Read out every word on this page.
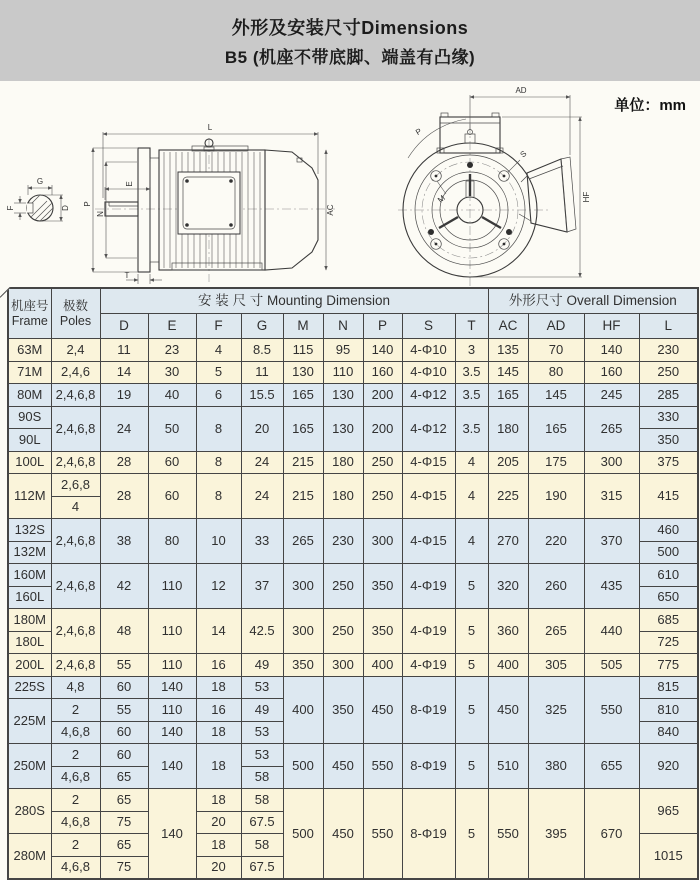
外形及安装尺寸Dimensions
B5 (机座不带底脚、端盖有凸缘)
单位：mm
G
F	D
L
E
P
N	AC
T
AD
HF
M
S
P
机座号
Frame

极数
Poles
	安 装 尺 寸 Mounting Dimension	外形尺寸 Overall Dimension
		D	E	F	G	M	N	P	S	T	AC	AD	HF	L
63M	2,4	11	23	4	8.5	115	95	140	4-Φ10	3	135	70	140	230
71M	2,4,6	14	30	5	11	130	110	160	4-Φ10	3.5	145	80	160	250
80M	2,4,6,8	19	40	6	15.5	165	130	200	4-Φ12	3.5	165	145	245	285
90S	2,4,6,8	24	50	8	20	165	130	200	4-Φ12	3.5	180	165	265	330
90L														350
100L	2,4,6,8	28	60	8	24	215	180	250	4-Φ15	4	205	175	300	375
112M	2,6,8	28	60	8	24	215	180	250	4-Φ15	4	225	190	315	415
	4													
132S	2,4,6,8	38	80	10	33	265	230	300	4-Φ15	4	270	220	370	460
132M														500
160M	2,4,6,8	42	110	12	37	300	250	350	4-Φ19	5	320	260	435	610
160L														650
180M	2,4,6,8	48	110	14	42.5	300	250	350	4-Φ19	5	360	265	440	685
180L														725
200L	2,4,6,8	55	110	16	49	350	300	400	4-Φ19	5	400	305	505	775
225S	4,8	60	140	18	53	400	350	450	8-Φ19	5	450	325	550	815
225M	2	55	110	16	49									810
	4,6,8	60	140	18	53									840
250M	2	60	140	18	53	500	450	550	8-Φ19	5	510	380	655	920
	4,6,8	65			58									
280S	2	65	140	18	58	500	450	550	8-Φ19	5	550	395	670	965
	4,6,8	75		20	67.5									
280M	2	65		18	58									1015
	4,6,8	75		20	67.5									
